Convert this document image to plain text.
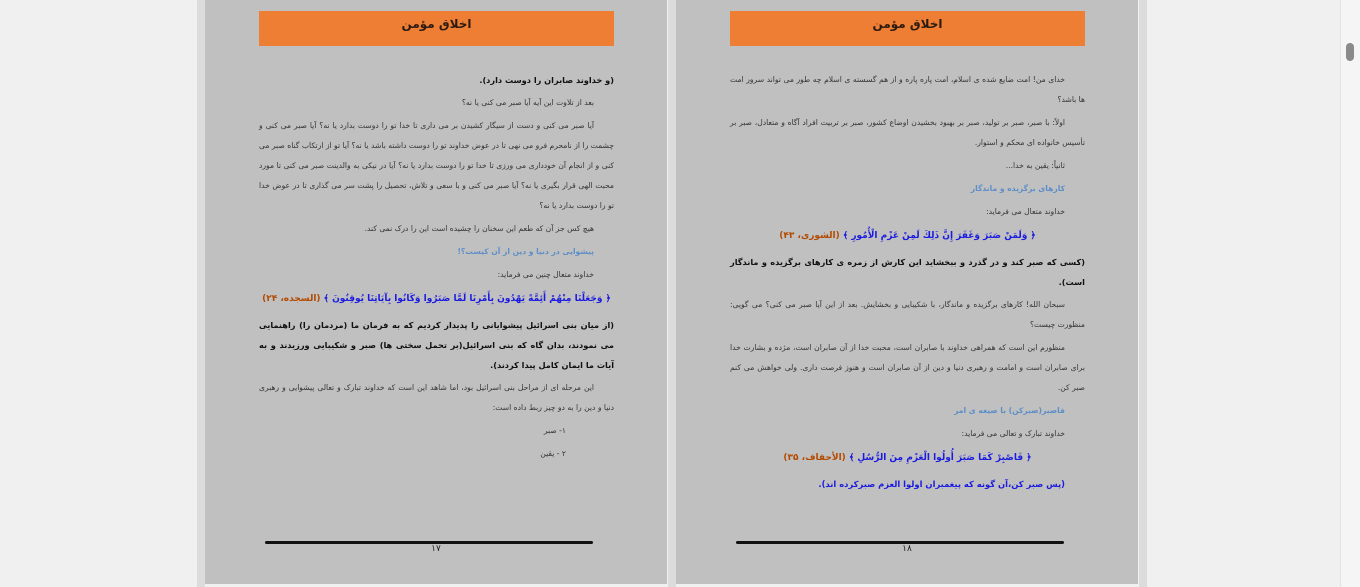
اخلاق مؤمن
(و خداوند صابران را دوست دارد).
بعد از تلاوت این آیه آیا صبر می کنی یا نه؟
آیا صبر می کنی و دست از سیگار کشیدن بر می داری تا خدا تو را دوست بدارد یا نه؟ آیا صبر می کنی و چشمت را از نامحرم فرو می نهی تا در عوض خداوند تو را دوست داشته باشد یا نه؟ آیا تو از ارتکاب گناه صبر می کنی و از انجام آن خودداری می ورزی تا خدا تو را دوست بدارد یا نه؟ آیا در نیکی به والدینت صبر می کنی تا مورد محبت الهی قرار بگیری یا نه؟ آیا صبر می کنی و با سعی و تلاش، تحصیل را پشت سر می گذاری تا در عوض خدا تو را دوست بدارد یا نه؟
هیچ کس جز آن که طعم این سخنان را چشیده است این را درک نمی کند.
پیشوایی در دنیا و دین از آن کیست؟!
خداوند متعال چنین می فرماید:
﴿ وَجَعَلْنَا مِنْهُمْ أَئِمَّةً يَهْدُونَ بِأَمْرِنَا لَمَّا صَبَرُوا وَكَانُوا بِآيَاتِنَا يُوقِنُونَ ﴾ (السجده، ۲۴)
(از میان بنی اسرائیل پیشوایانی را پدیدار کردیم که به فرمان ما (مردمان را) راهنمایی می نمودند، بدان گاه که بنی اسرائیل(بر تحمل سختی ها) صبر و شکیبایی ورزیدند و به آیات ما ایمان کامل پیدا کردند).
این مرحله ای از مراحل بنی اسرائیل بود، اما شاهد این است که خداوند تبارک و تعالی پیشوایی و رهبری دنیا و دین را به دو چیز ربط داده است:
۱- صبر
۲ - یقین
۱۷
اخلاق مؤمن
خدای من! امت ضایع شده ی اسلام، امت پاره پاره و از هم گسسته ی اسلام چه طور می تواند سرور امت ها باشد؟
اولاً: با صبر، صبر بر تولید، صبر بر بهبود بخشیدن اوضاع کشور، صبر بر تربیت افراد آگاه و متعادل، صبر بر تأسیس خانواده ای محکم و استوار.
ثانیاً: یقین به خدا...
کارهای برگزیده و ماندگار
خداوند متعال می فرماید:
﴿ وَلَمَنْ صَبَرَ وَغَفَرَ إِنَّ ذَلِكَ لَمِنْ عَزْمِ الْأُمُورِ ﴾ (الشوری، ۴۳)
(کسی که صبر کند و در گذرد و ببخشاید این کارش از زمره ی کارهای برگزیده و ماندگار است).
سبحان الله! کارهای برگزیده و ماندگار، با شکیبایی و بخشایش. بعد از این آیا صبر می کنی؟ می گویی: منظورت چیست؟
منظورم این است که همراهی خداوند با صابران است، محبت خدا از آن صابران است، مژده و بشارت خدا برای صابران است و امامت و رهبری دنیا و دین از آن صابران است و هنوز فرصت داری. ولی خواهش می کنم صبر کن.
فاصبر(صبرکن) با صیغه ی امر
خداوند تبارک و تعالی می فرماید:
﴿ فَاصْبِرْ كَمَا صَبَرَ أُولُوا الْعَزْمِ مِنَ الرُّسُلِ ﴾ (الأحقاف، ۳۵)
(پس صبر کن،آن گونه که پیغمبران اولوا العزم صبرکرده اند).
۱۸
